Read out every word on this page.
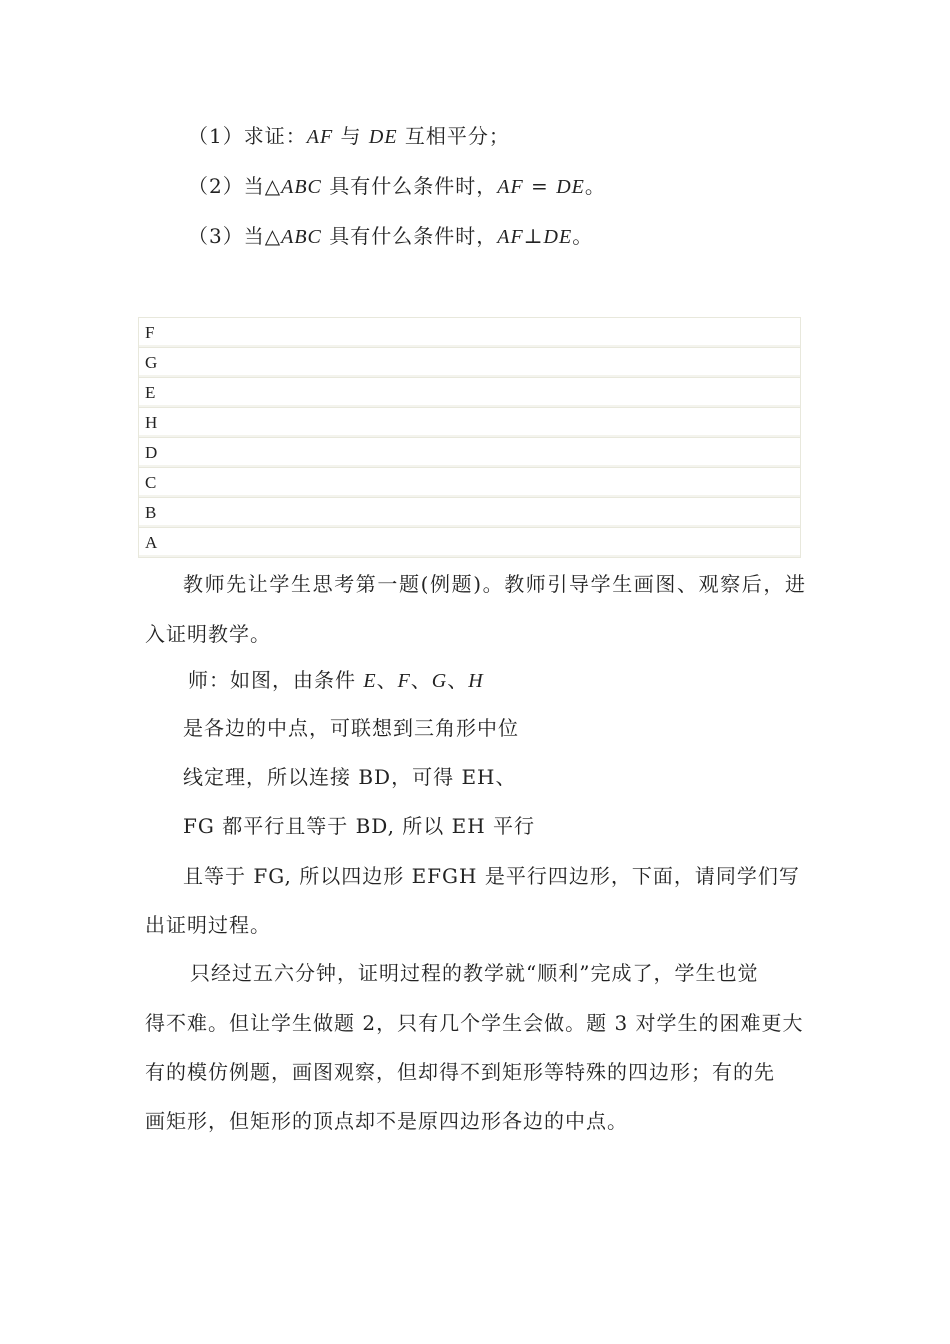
（1）求证：AF 与 DE 互相平分；
（2）当△ABC 具有什么条件时，AF = DE。
（3）当△ABC 具有什么条件时，AF⊥DE。
F
G
E
H
D
C
B
A
教师先让学生思考第一题(例题)。教师引导学生画图、观察后，进
入证明教学。
师：如图，由条件 E、F、G、H
是各边的中点，可联想到三角形中位
线定理，所以连接 BD，可得 EH、
FG 都平行且等于 BD, 所以 EH 平行
且等于 FG, 所以四边形 EFGH 是平行四边形，下面，请同学们写
出证明过程。
只经过五六分钟，证明过程的教学就“顺利”完成了，学生也觉
得不难。但让学生做题 2，只有几个学生会做。题 3 对学生的困难更大
有的模仿例题，画图观察，但却得不到矩形等特殊的四边形；有的先
画矩形，但矩形的顶点却不是原四边形各边的中点。
